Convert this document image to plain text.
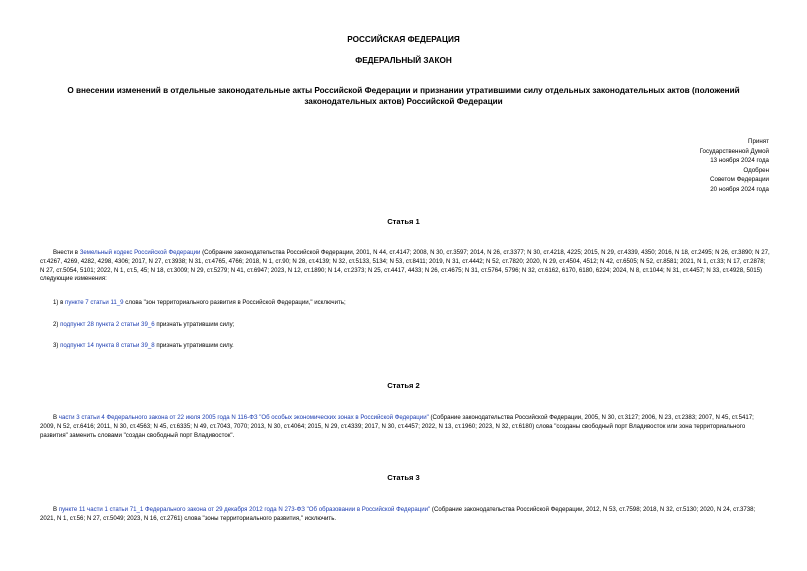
РОССИЙСКАЯ ФЕДЕРАЦИЯ
ФЕДЕРАЛЬНЫЙ ЗАКОН
О внесении изменений в отдельные законодательные акты Российской Федерации и признании утратившими силу отдельных законодательных актов (положений законодательных актов) Российской Федерации
Принят
Государственной Думой
13 ноября 2024 года
Одобрен
Советом Федерации
20 ноября 2024 года
Статья 1
Внести в Земельный кодекс Российской Федерации (Собрание законодательства Российской Федерации, 2001, N 44, ст.4147; 2008, N 30, ст.3597; 2014, N 26, ст.3377; N 30, ст.4218, 4225; 2015, N 29, ст.4339, 4350; 2016, N 18, ст.2495; N 26, ст.3890; N 27, ст.4267, 4269, 4282, 4298, 4306; 2017, N 27, ст.3938; N 31, ст.4765, 4766; 2018, N 1, ст.90; N 28, ст.4139; N 32, ст.5133, 5134; N 53, ст.8411; 2019, N 31, ст.4442; N 52, ст.7820; 2020, N 29, ст.4504, 4512; N 42, ст.6505; N 52, ст.8581; 2021, N 1, ст.33; N 17, ст.2878; N 27, ст.5054, 5101; 2022, N 1, ст.5, 45; N 18, ст.3009; N 29, ст.5279; N 41, ст.6947; 2023, N 12, ст.1890; N 14, ст.2373; N 25, ст.4417, 4433; N 26, ст.4675; N 31, ст.5764, 5796; N 32, ст.6162, 6170, 6180, 6224; 2024, N 8, ст.1044; N 31, ст.4457; N 33, ст.4928, 5015) следующие изменения:
1) в пункте 7 статьи 11_9 слова "зон территориального развития в Российской Федерации," исключить;
2) подпункт 28 пункта 2 статьи 39_6 признать утратившим силу;
3) подпункт 14 пункта 8 статьи 39_8 признать утратившим силу.
Статья 2
В части 3 статьи 4 Федерального закона от 22 июля 2005 года N 116-ФЗ "Об особых экономических зонах в Российской Федерации" (Собрание законодательства Российской Федерации, 2005, N 30, ст.3127; 2006, N 23, ст.2383; 2007, N 45, ст.5417; 2009, N 52, ст.6416; 2011, N 30, ст.4563; N 45, ст.6335; N 49, ст.7043, 7070; 2013, N 30, ст.4064; 2015, N 29, ст.4339; 2017, N 30, ст.4457; 2022, N 13, ст.1960; 2023, N 32, ст.6180) слова "созданы свободный порт Владивосток или зона территориального развития" заменить словами "создан свободный порт Владивосток".
Статья 3
В пункте 11 части 1 статьи 71_1 Федерального закона от 29 декабря 2012 года N 273-ФЗ "Об образовании в Российской Федерации" (Собрание законодательства Российской Федерации, 2012, N 53, ст.7598; 2018, N 32, ст.5130; 2020, N 24, ст.3738; 2021, N 1, ст.56; N 27, ст.5049; 2023, N 16, ст.2761) слова "зоны территориального развития," исключить.
